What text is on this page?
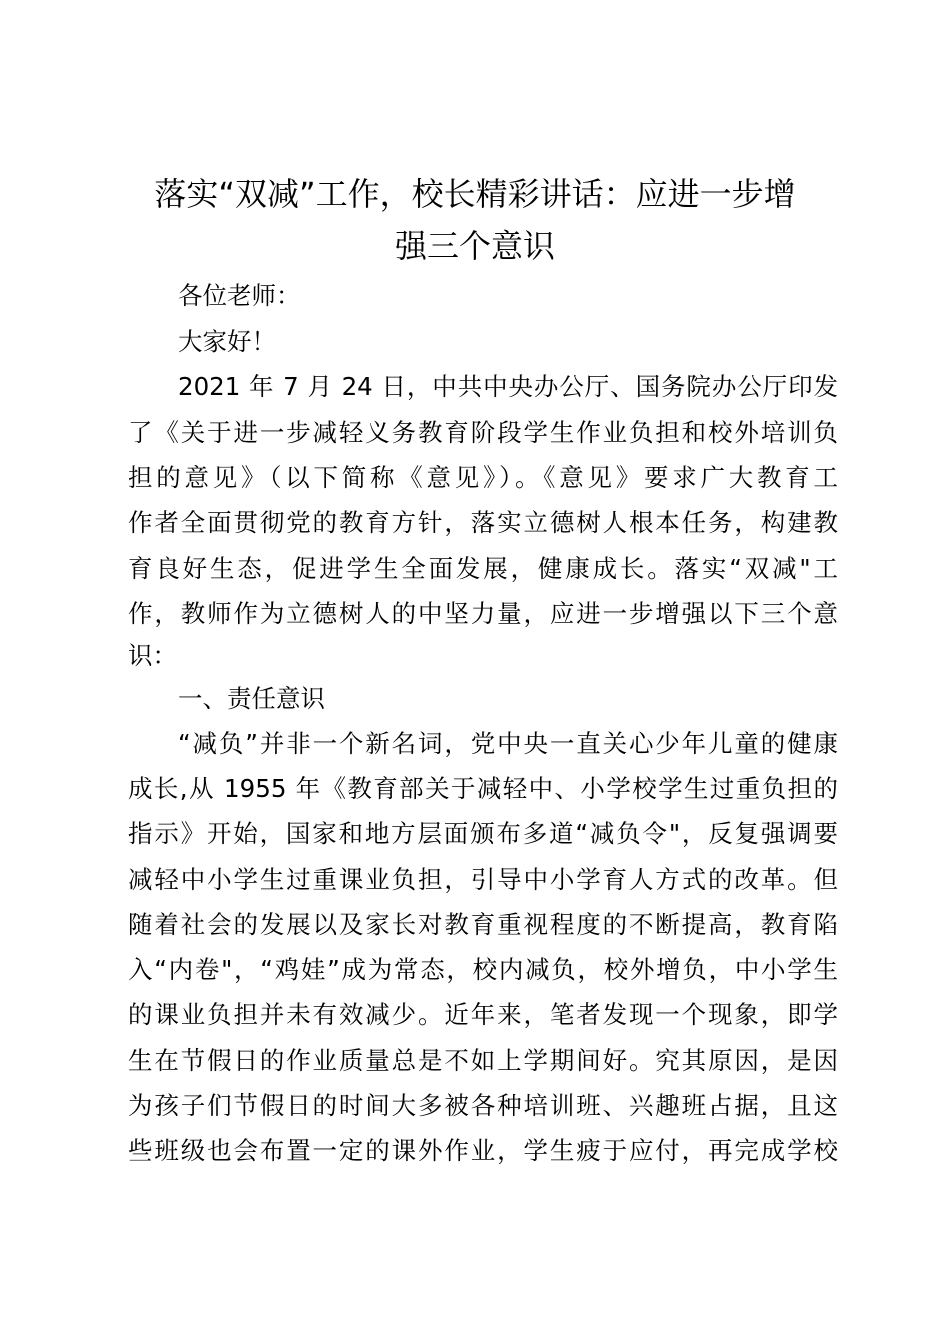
落实“双减”工作，校长精彩讲话：应进一步增
强三个意识
各位老师：
大家好！
2021 年 7 月 24 日，中共中央办公厅、国务院办公厅印发
了《关于进一步减轻义务教育阶段学生作业负担和校外培训负
担的意见》（以下简称《意见》）。《意见》要求广大教育工
作者全面贯彻党的教育方针，落实立德树人根本任务，构建教
育良好生态，促进学生全面发展，健康成长。落实“双减"工
作，教师作为立德树人的中坚力量，应进一步增强以下三个意
识：
一、责任意识
“减负”并非一个新名词，党中央一直关心少年儿童的健康
成长,从 1955 年《教育部关于减轻中、小学校学生过重负担的
指示》开始，国家和地方层面颁布多道“减负令"，反复强调要
减轻中小学生过重课业负担，引导中小学育人方式的改革。但
随着社会的发展以及家长对教育重视程度的不断提高，教育陷
入“内卷"，“鸡娃”成为常态，校内减负，校外增负，中小学生
的课业负担并未有效减少。近年来，笔者发现一个现象，即学
生在节假日的作业质量总是不如上学期间好。究其原因，是因
为孩子们节假日的时间大多被各种培训班、兴趣班占据，且这
些班级也会布置一定的课外作业，学生疲于应付，再完成学校
